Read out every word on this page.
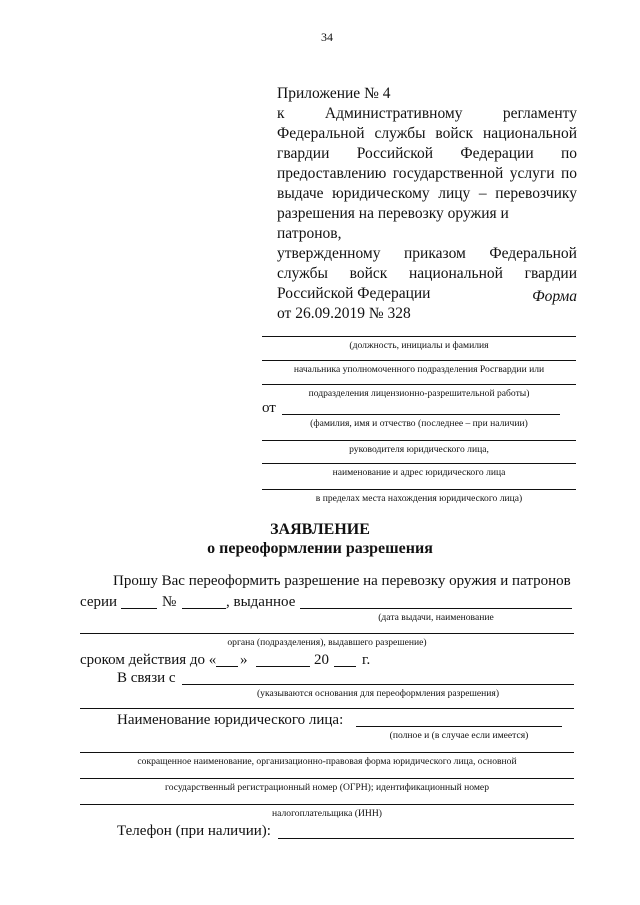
34
Приложение № 4
к	Административному	регламенту
Федеральной службы войск национальной
гвардии Российской Федерации по
предоставлению государственной услуги по
выдаче юридическому лицу – перевозчику
разрешения на перевозку оружия и патронов,
утвержденному приказом Федеральной
службы войск национальной гвардии
Российской Федерации
от 26.09.2019 № 328
Форма
(должность, инициалы и фамилия
начальника уполномоченного подразделения Росгвардии или
подразделения лицензионно-разрешительной работы)
от
(фамилия, имя и отчество (последнее – при наличии)
руководителя юридического лица,
наименование и адрес юридического лица
в пределах места нахождения юридического лица)
ЗАЯВЛЕНИЕ
о переоформлении разрешения
Прошу Вас переоформить разрешение на перевозку оружия и патронов
серии	№	, выданное
(дата выдачи, наименование
органа (подразделения), выдавшего разрешение)
сроком действия до « »	20 г.
В связи с
(указываются основания для переоформления разрешения)
Наименование юридического лица:
(полное и (в случае если имеется)
сокращенное наименование, организационно-правовая форма юридического лица, основной
государственный регистрационный номер (ОГРН); идентификационный номер
налогоплательщика (ИНН)
Телефон (при наличии):
